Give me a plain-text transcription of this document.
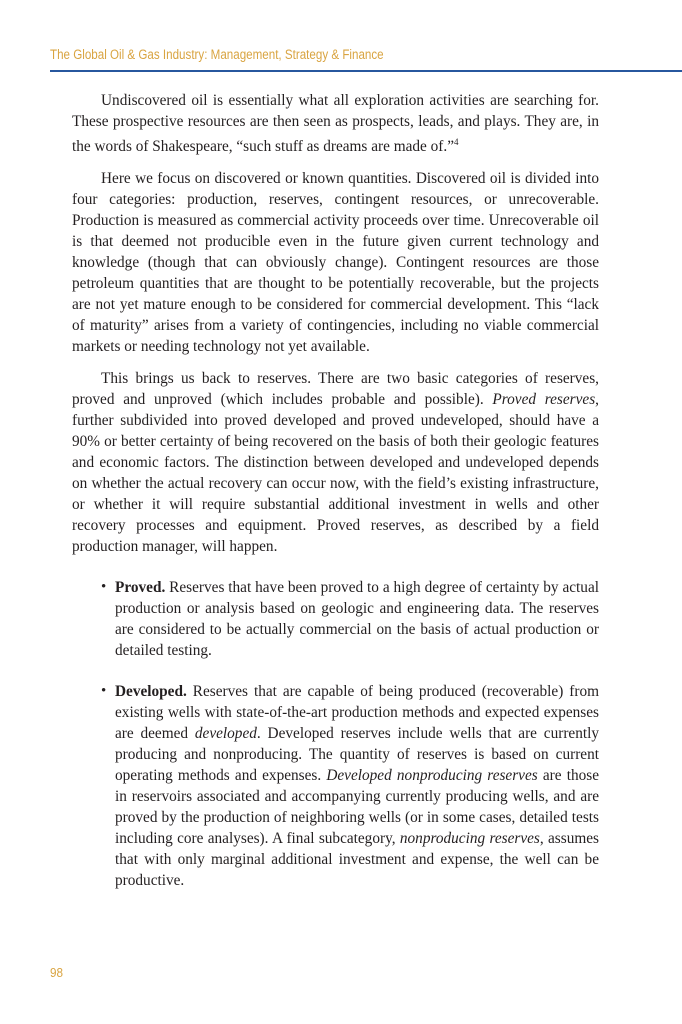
The Global Oil & Gas Industry: Management, Strategy & Finance

Undiscovered oil is essentially what all exploration activities are searching for. These prospective resources are then seen as prospects, leads, and plays. They are, in the words of Shakespeare, “such stuff as dreams are made of.”$^4$

Here we focus on discovered or known quantities. Discovered oil is divided into four categories: production, reserves, contingent resources, or unrecoverable. Production is measured as commercial activity proceeds over time. Unrecoverable oil is that deemed not producible even in the future given current technology and knowledge (though that can obviously change). Contingent resources are those petroleum quantities that are thought to be potentially recoverable, but the projects are not yet mature enough to be considered for commercial development. This “lack of maturity” arises from a variety of contingencies, including no viable commercial markets or needing technology not yet available.

This brings us back to reserves. There are two basic categories of reserves, proved and unproved (which includes probable and possible). Proved reserves, further subdivided into proved developed and proved undeveloped, should have a 90% or better certainty of being recovered on the basis of both their geologic features and economic factors. The distinction between developed and undeveloped depends on whether the actual recovery can occur now, with the field’s existing infrastructure, or whether it will require substantial additional investment in wells and other recovery processes and equipment. Proved reserves, as described by a field production manager, will happen.

• Proved. Reserves that have been proved to a high degree of certainty by actual production or analysis based on geologic and engineering data. The reserves are considered to be actually commercial on the basis of actual production or detailed testing.
• Developed. Reserves that are capable of being produced (recoverable) from existing wells with state-of-the-art production methods and expected expenses are deemed developed. Developed reserves include wells that are currently producing and nonproducing. The quantity of reserves is based on current operating methods and expenses. Developed nonproducing reserves are those in reservoirs associated and accompanying currently producing wells, and are proved by the production of neighboring wells (or in some cases, detailed tests including core analyses). A final subcategory, nonproducing reserves, assumes that with only marginal additional investment and expense, the well can be productive.
98
